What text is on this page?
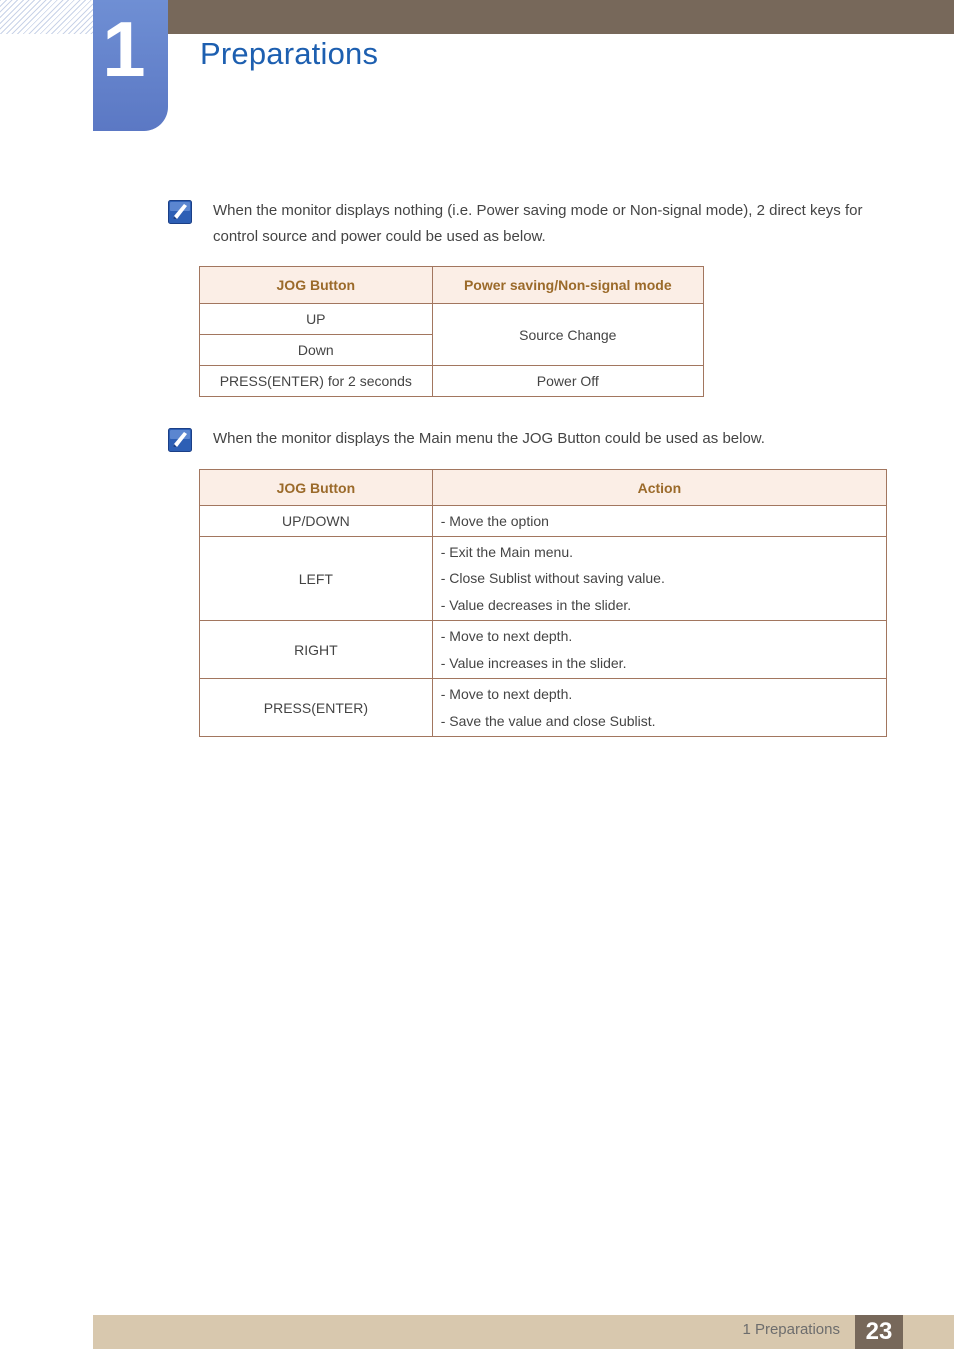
1	Preparations

When the monitor displays nothing (i.e. Power saving mode or Non-signal mode), 2 direct keys for control source and power could be used as below.

JOG Button	Power saving/Non-signal mode
UP	Source Change
Down	
PRESS(ENTER) for 2 seconds	Power Off

When the monitor displays the Main menu the JOG Button could be used as below.

JOG Button	Action
UP/DOWN	- Move the option

LEFT	- Exit the Main menu.
- Close Sublist without saving value.
- Value decreases in the slider.

RIGHT	- Move to next depth.
- Value increases in the slider.

PRESS(ENTER)	- Move to next depth.
- Save the value and close Sublist.
1 Preparations	23
